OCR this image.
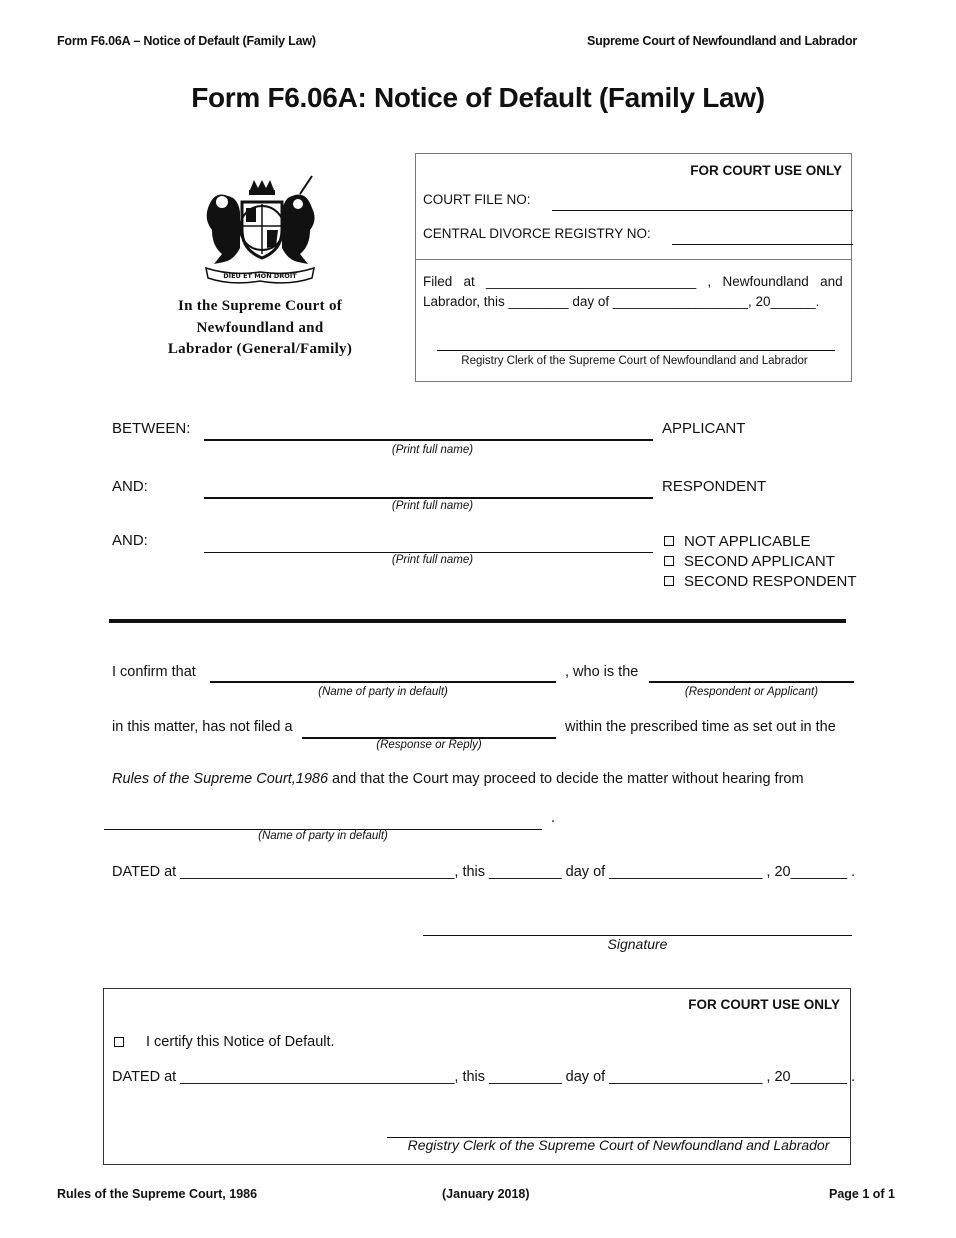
Form F6.06A – Notice of Default (Family Law)	Supreme Court of Newfoundland and Labrador
Form F6.06A: Notice of Default (Family Law)
DIEU ET MON DROIT
In the Supreme Court of
Newfoundland and
Labrador (General/Family)
FOR COURT USE ONLY
COURT FILE NO:
CENTRAL DIVORCE REGISTRY NO:
Filed   at   ____________________________   ,   Newfoundland   and
Labrador, this ________ day of __________________, 20______.
Registry Clerk of the Supreme Court of Newfoundland and Labrador
BETWEEN:
(Print full name)
APPLICANT
AND:
(Print full name)
RESPONDENT
AND:
(Print full name)
NOT APPLICABLE
SECOND APPLICANT
SECOND RESPONDENT
I confirm that
(Name of party in default)
, who is the
(Respondent or Applicant)
in this matter, has not filed a
(Response or Reply)
within the prescribed time as set out in the
Rules of the Supreme Court,1986 and that the Court may proceed to decide the matter without hearing from
.
(Name of party in default)
DATED at __________________________________, this _________ day of ___________________ , 20_______ .
Signature
FOR COURT USE ONLY
I certify this Notice of Default.
DATED at __________________________________, this _________ day of ___________________ , 20_______ .
Registry Clerk of the Supreme Court of Newfoundland and Labrador
Rules of the Supreme Court, 1986	(January 2018)	Page 1 of 1
